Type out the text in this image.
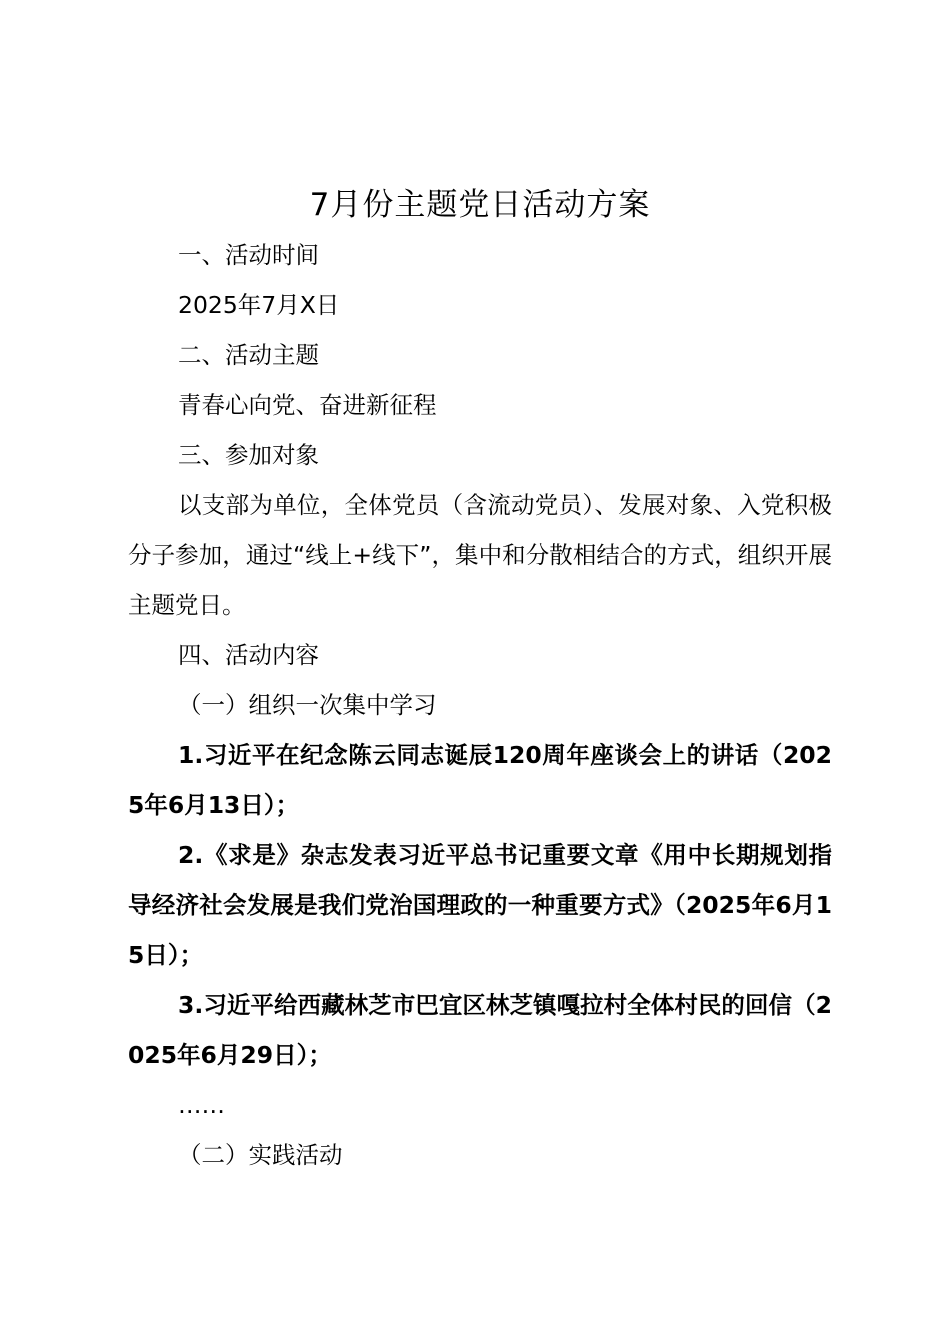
7月份主题党日活动方案

一、活动时间

2025年7月X日

二、活动主题

青春心向党、奋进新征程

三、参加对象

以支部为单位，全体党员（含流动党员）、发展对象、入党积极分子参加，通过“线上+线下”，集中和分散相结合的方式，组织开展主题党日。

四、活动内容

（一）组织一次集中学习

1.习近平在纪念陈云同志诞辰120周年座谈会上的讲话（2025年6月13日）；

2.《求是》杂志发表习近平总书记重要文章《用中长期规划指导经济社会发展是我们党治国理政的一种重要方式》（2025年6月15日）；

3.习近平给西藏林芝市巴宜区林芝镇嘎拉村全体村民的回信（2025年6月29日）；

……

（二）实践活动
